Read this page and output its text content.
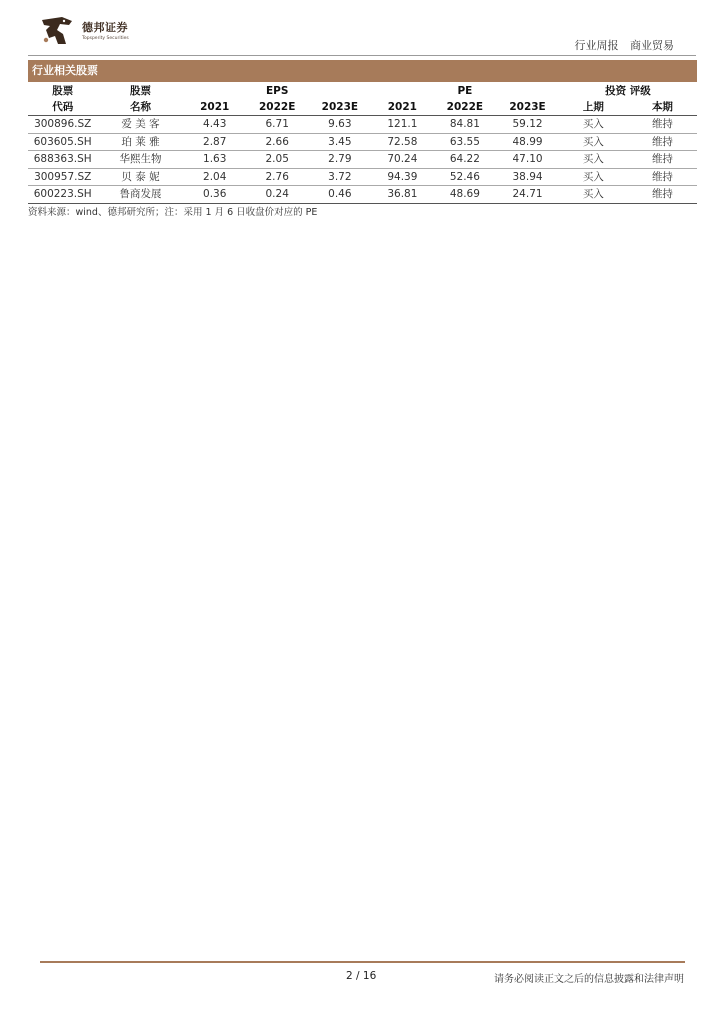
德邦证券
Topsperity Securities
行业周报 商业贸易
行业相关股票
股票	股票		EPS			PE		投资 评级	
代码	名称	2021	2022E	2023E	2021	2022E	2023E	上期	本期
300896.SZ	爱 美 客	4.43	6.71	9.63	121.1	84.81	59.12	买入	维持
603605.SH	珀 莱 雅	2.87	2.66	3.45	72.58	63.55	48.99	买入	维持
688363.SH	华熙生物	1.63	2.05	2.79	70.24	64.22	47.10	买入	维持
300957.SZ	贝 泰 妮	2.04	2.76	3.72	94.39	52.46	38.94	买入	维持
600223.SH	鲁商发展	0.36	0.24	0.46	36.81	48.69	24.71	买入	维持
资料来源：wind、德邦研究所；注：采用 1 月 6 日收盘价对应的 PE
2 / 16	请务必阅读正文之后的信息披露和法律声明
